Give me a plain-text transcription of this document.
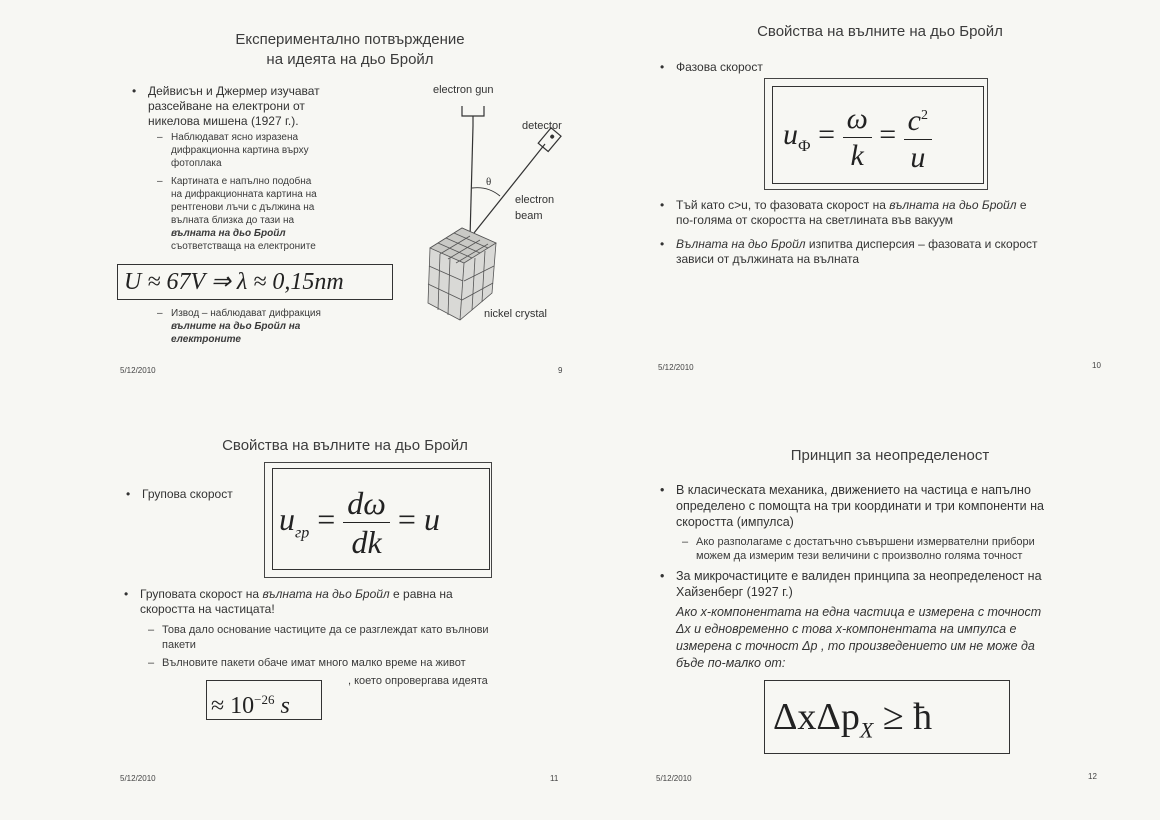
Експериментално потвърждение
на идеята на дьо Бройл
• Дейвисън и Джермер изучават
разсейване на електрони от
никелова мишена (1927 г.).
– Наблюдават ясно изразена
дифракционна картина върху
фотоплака
– Картината е напълно подобна
на дифракционната картина на
рентгенови лъчи с дължина на
вълната близка до тази на
вълната на дьо Бройл
съответстваща на електроните
U ≈ 67V ⇒ λ ≈ 0,15nm
– Извод – наблюдават дифракция
вълните на дьо Бройл на
електроните
electron gun
detector
θ
electron
beam
nickel crystal
5/12/2010	9
Свойства на вълните на дьо Бройл
• Фазова скорост
$u_Ф = \frac{\omega}{k} = \frac{c^2}{u}$
• Тъй като c>u, то фазовата скорост на вълната на дьо Бройл е
по-голяма от скоростта на светлината във вакуум
• Вълната на дьо Бройл изпитва дисперсия – фазовата и скорост
зависи от дължината на вълната
5/12/2010	10
Свойства на вълните на дьо Бройл
• Групова скорост
$u_{гр} = \frac{d\omega}{dk} = u$
• Груповата скорост на вълната на дьо Бройл е равна на
скоростта на частицата!
– Това дало основание частиците да се разглеждат като вълнови
пакети
– Вълновите пакети обаче имат много малко време на живот
≈ $10^{-26}$ s
, което опровергава идеята
5/12/2010	11
Принцип за неопределеност
• В класическата механика, движението на частица е напълно
определено с помощта на три координати и три компоненти на
скоростта (импулса)
– Ако разполагаме с достатъчно съвършени измервателни прибори
можем да измерим тези величини с произволно голяма точност
• За микрочастиците е валиден принципа за неопределеност на
Хайзенберг (1927 г.)
Ако x-компонентата на една частица е измерена с точност
Δx и едновременно с това x-компонентата на импулса е
измерена с точност Δp , то произведението им не може да
бъде по-малко от:
ΔxΔp$_X$ ≥ ħ
5/12/2010	12
